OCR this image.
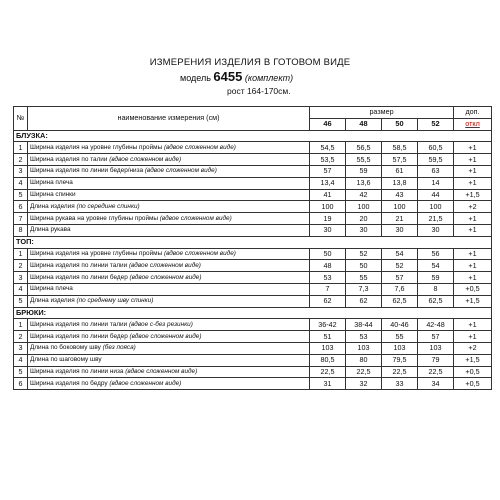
ИЗМЕРЕНИЯ ИЗДЕЛИЯ В ГОТОВОМ ВИДЕ
модель 6455 (комплект)
рост 164-170см.
№	наименование измерения (см)	размер				доп.
		46	48	50	52	откл
БЛУЗКА:						
1	Ширина изделия на уровне глубины проймы (вдвое сложенном виде)	54,5	56,5	58,5	60,5	+1
2	Ширина изделия по талии (вдвое сложенном виде)	53,5	55,5	57,5	59,5	+1
3	Ширина изделия по линии бедер/низа (вдвое сложенном виде)	57	59	61	63	+1
4	Ширина плеча	13,4	13,6	13,8	14	+1
5	Ширина спинки	41	42	43	44	+1,5
6	Длина изделия (по середине спинки)	100	100	100	100	+2
7	Ширина рукава на уровне глубины проймы (вдвое сложенном виде)	19	20	21	21,5	+1
8	Длина рукава	30	30	30	30	+1
ТОП:						
1	Ширина изделия на уровне глубины проймы (вдвое сложенном виде)	50	52	54	56	+1
2	Ширина изделия по линии талии (вдвое сложенном виде)	48	50	52	54	+1
3	Ширина изделия по линии бедер (вдвое сложенном виде)	53	55	57	59	+1
4	Ширина плеча	7	7,3	7,6	8	+0,5
5	Длина изделия (по среднему шву спинки)	62	62	62,5	62,5	+1,5
БРЮКИ:						
1	Ширина изделия по линии талии (вдвое с-без резинки)	36-42	38-44	40-46	42-48	+1
2	Ширина изделия по линии бедер (вдвое сложенном виде)	51	53	55	57	+1
3	Длина по боковому шву (без пояса)	103	103	103	103	+2
4	Длина по шаговому шву	80,5	80	79,5	79	+1,5
5	Ширина изделия по линии низа (вдвое сложенном виде)	22,5	22,5	22,5	22,5	+0,5
6	Ширина изделия по бедру (вдвое сложенном виде)	31	32	33	34	+0,5
